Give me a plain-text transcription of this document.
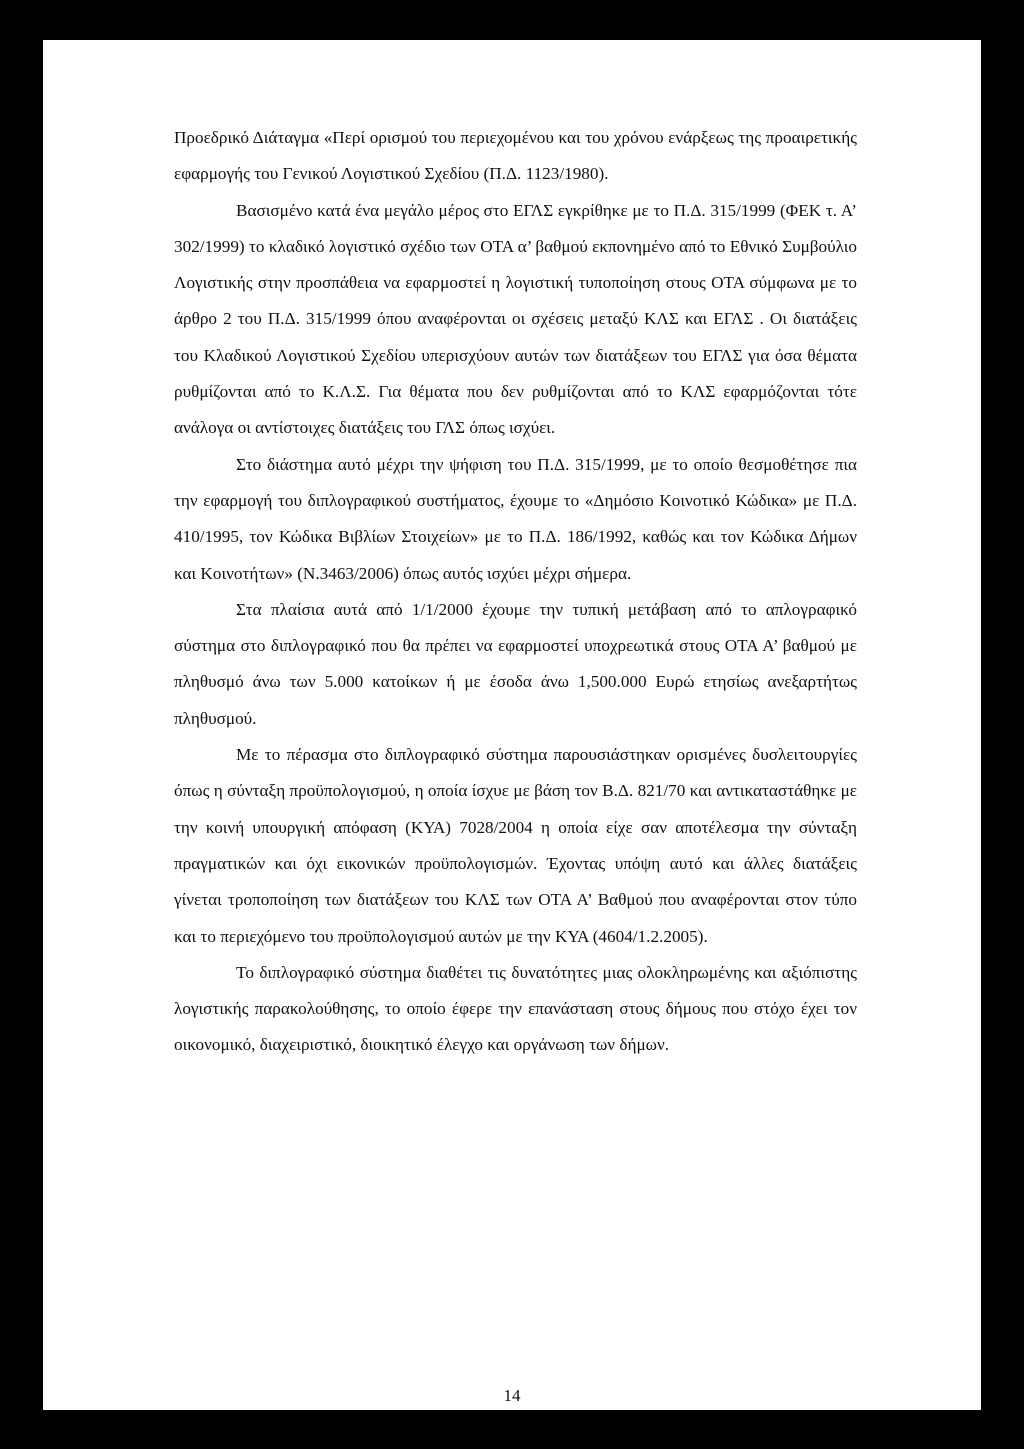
Προεδρικό Διάταγμα «Περί ορισμού του περιεχομένου και του χρόνου ενάρξεως της προαιρετικής εφαρμογής του Γενικού Λογιστικού Σχεδίου (Π.Δ. 1123/1980).

Βασισμένο κατά ένα μεγάλο μέρος στο ΕΓΛΣ εγκρίθηκε με το Π.Δ. 315/1999 (ΦΕΚ τ. Α’ 302/1999) το κλαδικό λογιστικό σχέδιο των ΟΤΑ α’ βαθμού εκπονημένο από το Εθνικό Συμβούλιο Λογιστικής στην προσπάθεια να εφαρμοστεί η λογιστική τυποποίηση στους ΟΤΑ σύμφωνα με το άρθρο 2 του Π.Δ. 315/1999 όπου αναφέρονται οι σχέσεις μεταξύ ΚΛΣ και ΕΓΛΣ . Οι διατάξεις του Κλαδικού Λογιστικού Σχεδίου υπερισχύουν αυτών των διατάξεων του ΕΓΛΣ για όσα θέματα ρυθμίζονται από το Κ.Λ.Σ. Για θέματα που δεν ρυθμίζονται από το ΚΛΣ εφαρμόζονται τότε ανάλογα οι αντίστοιχες διατάξεις του ΓΛΣ όπως ισχύει.

Στο διάστημα αυτό μέχρι την ψήφιση του Π.Δ. 315/1999, με το οποίο θεσμοθέτησε πια την εφαρμογή του διπλογραφικού συστήματος, έχουμε το «Δημόσιο Κοινοτικό Κώδικα» με Π.Δ. 410/1995, τον Κώδικα Βιβλίων Στοιχείων» με το Π.Δ. 186/1992, καθώς και τον Κώδικα Δήμων και Κοινοτήτων» (Ν.3463/2006) όπως αυτός ισχύει μέχρι σήμερα.

Στα πλαίσια αυτά από 1/1/2000 έχουμε την τυπική μετάβαση από το απλογραφικό σύστημα στο διπλογραφικό που θα πρέπει να εφαρμοστεί υποχρεωτικά στους ΟΤΑ Α’ βαθμού με πληθυσμό άνω των 5.000 κατοίκων ή με έσοδα άνω 1,500.000 Ευρώ ετησίως ανεξαρτήτως πληθυσμού.

Με το πέρασμα στο διπλογραφικό σύστημα παρουσιάστηκαν ορισμένες δυσλειτουργίες όπως η σύνταξη προϋπολογισμού, η οποία ίσχυε με βάση τον Β.Δ. 821/70 και αντικαταστάθηκε με την κοινή υπουργική απόφαση (ΚΥΑ) 7028/2004 η οποία είχε σαν αποτέλεσμα την σύνταξη πραγματικών και όχι εικονικών προϋπολογισμών. Έχοντας υπόψη αυτό και άλλες διατάξεις γίνεται τροποποίηση των διατάξεων του ΚΛΣ των ΟΤΑ Α’ Βαθμού που αναφέρονται στον τύπο και το περιεχόμενο του προϋπολογισμού αυτών με την ΚΥΑ (4604/1.2.2005).

Το διπλογραφικό σύστημα διαθέτει τις δυνατότητες μιας ολοκληρωμένης και αξιόπιστης λογιστικής παρακολούθησης, το οποίο έφερε την επανάσταση στους δήμους που στόχο έχει τον οικονομικό, διαχειριστικό, διοικητικό έλεγχο και οργάνωση των δήμων.

14
